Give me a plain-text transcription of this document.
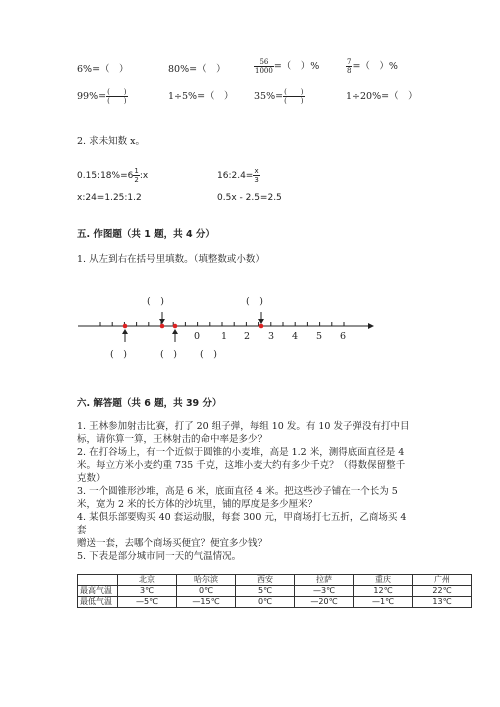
6%=（　）	80%=（　）	$\frac{56}{1000}$ =（　）%	$\frac{7}{8}$ =（　）%
$99\%= \frac{( )}{( )}$	1÷5%=（　） $35\%= \frac{( )}{( )}$	1÷20%=（　）
2. 求未知数 x。
0.15:18%=6 $\frac{1}{2}$ :x	16:2.4= $\frac{x}{3}$
x:24=1.25:1.2	0.5x - 2.5=2.5
五. 作图题（共 1 题，共 4 分）
1. 从左到右在括号里填数。（填整数或小数）
0 1 2 3 4 5 6
(　)	(　)
(　)	(　) (　)
六. 解答题（共 6 题，共 39 分）

1. 王林参加射击比赛，打了 20 组子弹，每组 10 发。有 10 发子弹没有打中目

标，请你算一算，王林射击的命中率是多少？

2. 在打谷场上，有一个近似于圆锥的小麦堆，高是 1.2 米，测得底面直径是 4

米。每立方米小麦约重 735 千克，这堆小麦大约有多少千克？（得数保留整千

克数）

3. 一个圆锥形沙堆，高是 6 米，底面直径 4 米。把这些沙子铺在一个长为 5

米，宽为 2 米的长方体的沙坑里，铺的厚度是多少厘米？

4. 某俱乐部要购买 40 套运动服，每套 300 元，甲商场打七五折，乙商场买 4 套

赠送一套，去哪个商场买便宜？便宜多少钱？

5. 下表是部分城市同一天的气温情况。

	北京	哈尔滨	西安	拉萨	重庆	广州
最高气温	3℃	0℃	5℃	—3℃	12℃	22℃
最低气温	—5℃	—15℃	0℃	—20℃	—1℃	13℃
